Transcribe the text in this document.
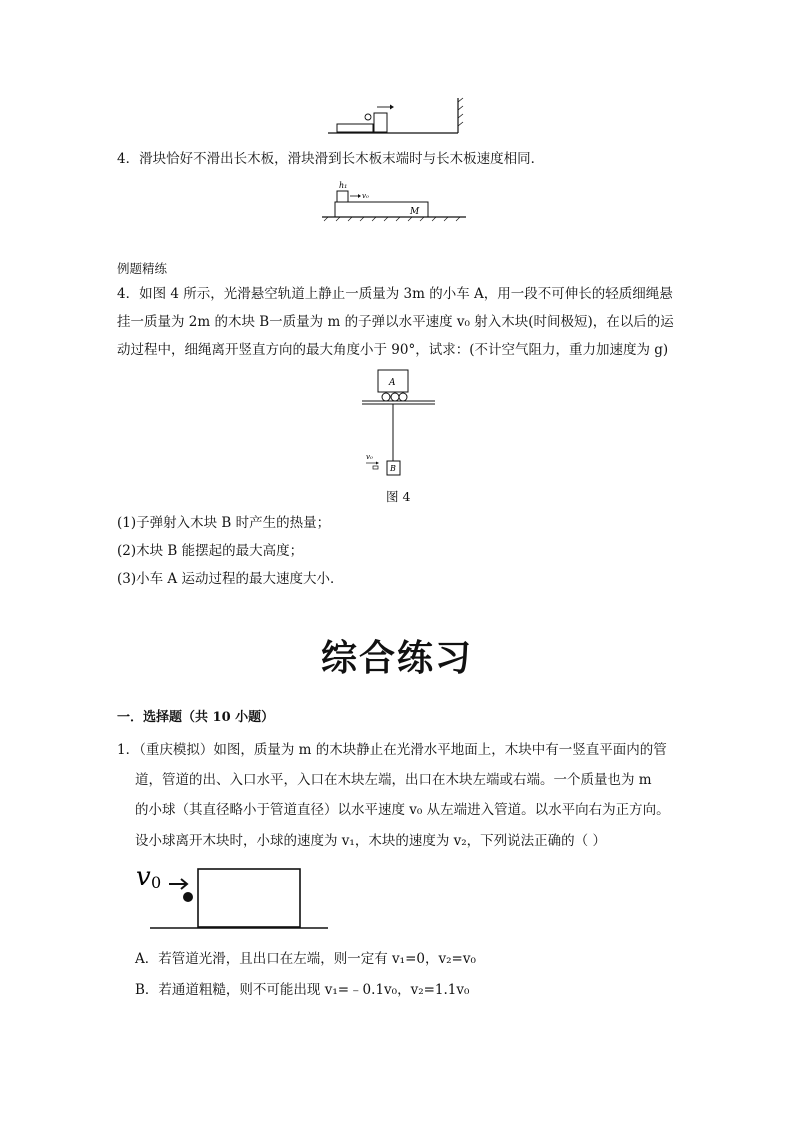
4．滑块恰好不滑出长木板，滑块滑到长木板末端时与长木板速度相同．
h₁
v₀
M
例题精练
4．如图 4 所示，光滑悬空轨道上静止一质量为 3m 的小车 A，用一段不可伸长的轻质细绳悬
挂一质量为 2m 的木块 B一质量为 m 的子弹以水平速度 v₀ 射入木块(时间极短)，在以后的运
动过程中，细绳离开竖直方向的最大角度小于 90°，试求：(不计空气阻力，重力加速度为 g)
A
B
v₀
图 4
(1)子弹射入木块 B 时产生的热量；
(2)木块 B 能摆起的最大高度；
(3)小车 A 运动过程的最大速度大小．
综合练习
一．选择题（共 10 小题）
1．（重庆模拟）如图，质量为 m 的木块静止在光滑水平地面上，木块中有一竖直平面内的管
道，管道的出、入口水平，入口在木块左端，出口在木块左端或右端。一个质量也为 m
的小球（其直径略小于管道直径）以水平速度 v₀ 从左端进入管道。以水平向右为正方向。
设小球离开木块时，小球的速度为 v₁，木块的速度为 v₂，下列说法正确的（ ）
v 0
A．若管道光滑，且出口在左端，则一定有 v₁=0，v₂=v₀
B．若通道粗糙，则不可能出现 v₁=﹣0.1v₀，v₂=1.1v₀
